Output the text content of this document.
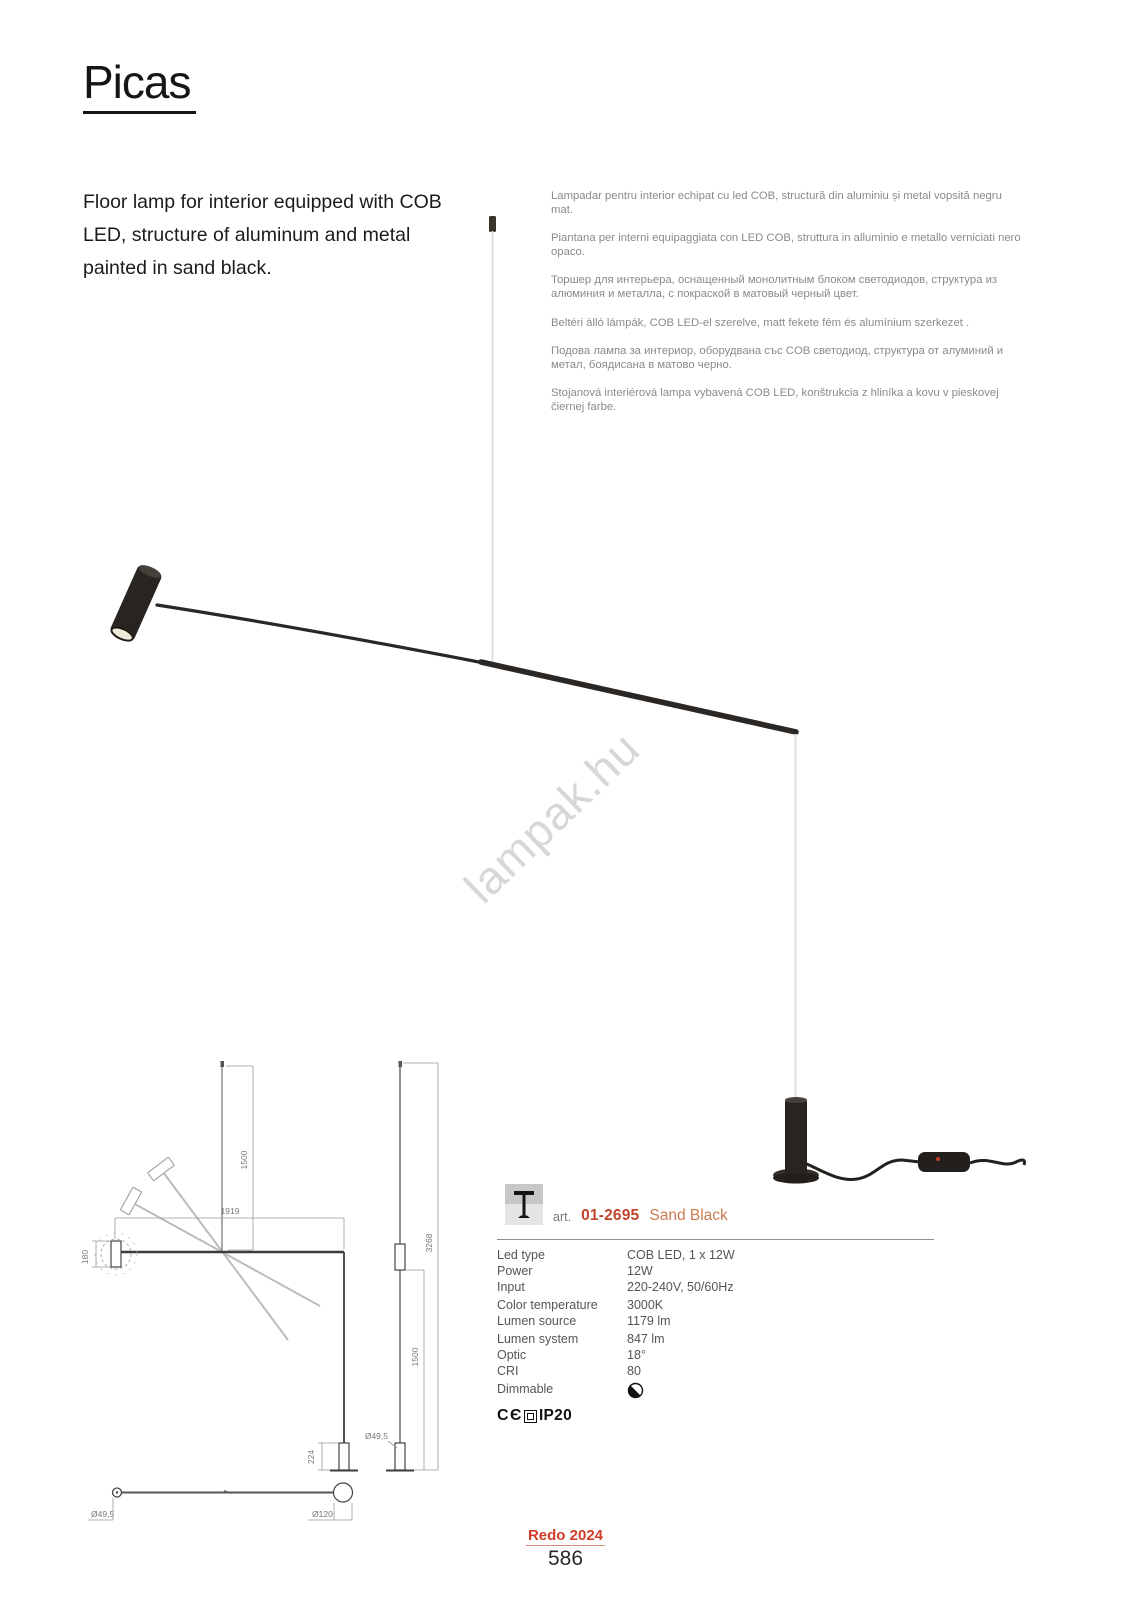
Picas

Floor lamp for interior equipped with COB LED, structure of aluminum and metal painted in sand black.

Lampadar pentru interior echipat cu led COB, structură din aluminiu și metal vopsită negru mat.

Piantana per interni equipaggiata con LED COB, struttura in alluminio e metallo verniciati nero opaco.

Торшер для интерьера, оснащенный монолитным блоком светодиодов, структура из алюминия и металла, с покраской в матовый черный цвет.

Beltéri álló lámpák, COB LED-el szerelve, matt fekete fém és alumínium szerkezet .

Подова лампа за интериор, оборудвана със COB светодиод, структура от алуминий и метал, боядисана в матово черно.

Stojanová interiérová lampa vybavená COB LED, konštrukcia z hliníka a kovu v pieskovej čiernej farbe.

lampak.hu
180
1919
1500
224
3268
1500
Ø49,5
Ø49,5	Ø120
art. 01-2695 Sand Black
Led type	COB LED, 1 x 12W
Power	12W
Input	220-240V, 50/60Hz
Color temperature	3000K
Lumen source	1179 lm
Lumen system	847 lm
Optic	18°
CRI	80
Dimmable
CЄ IP20
Redo 2024
586
